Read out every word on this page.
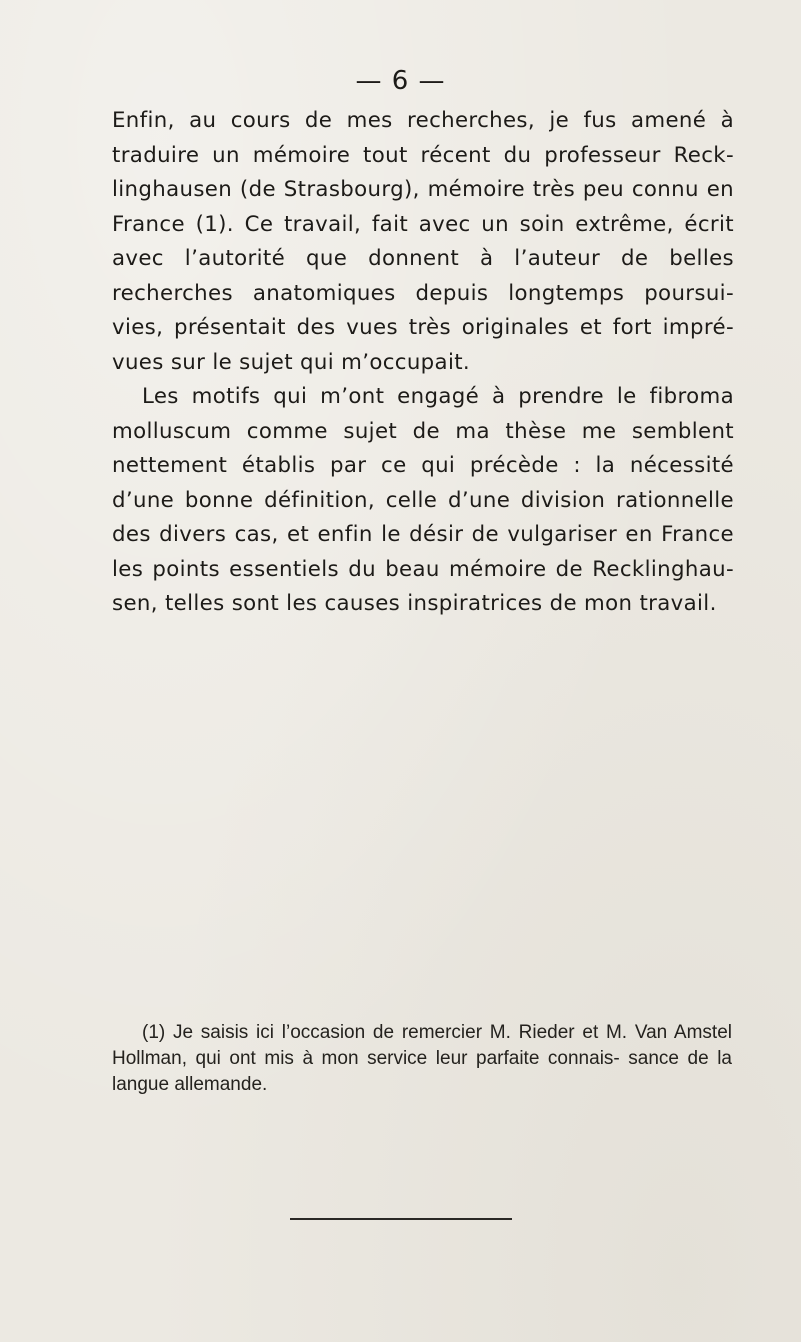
— 6 —

Enfin, au cours de mes recherches, je fus amené à traduire un mémoire tout récent du professeur Reck- linghausen (de Strasbourg), mémoire très peu connu en France (1). Ce travail, fait avec un soin extrême, écrit avec l’autorité que donnent à l’auteur de belles recherches anatomiques depuis longtemps poursui- vies, présentait des vues très originales et fort impré- vues sur le sujet qui m’occupait.

Les motifs qui m’ont engagé à prendre le fibroma molluscum comme sujet de ma thèse me semblent nettement établis par ce qui précède : la nécessité d’une bonne définition, celle d’une division rationnelle des divers cas, et enfin le désir de vulgariser en France les points essentiels du beau mémoire de Recklinghau- sen, telles sont les causes inspiratrices de mon travail.

(1) Je saisis ici l’occasion de remercier M. Rieder et M. Van Amstel Hollman, qui ont mis à mon service leur parfaite connais- sance de la langue allemande.
